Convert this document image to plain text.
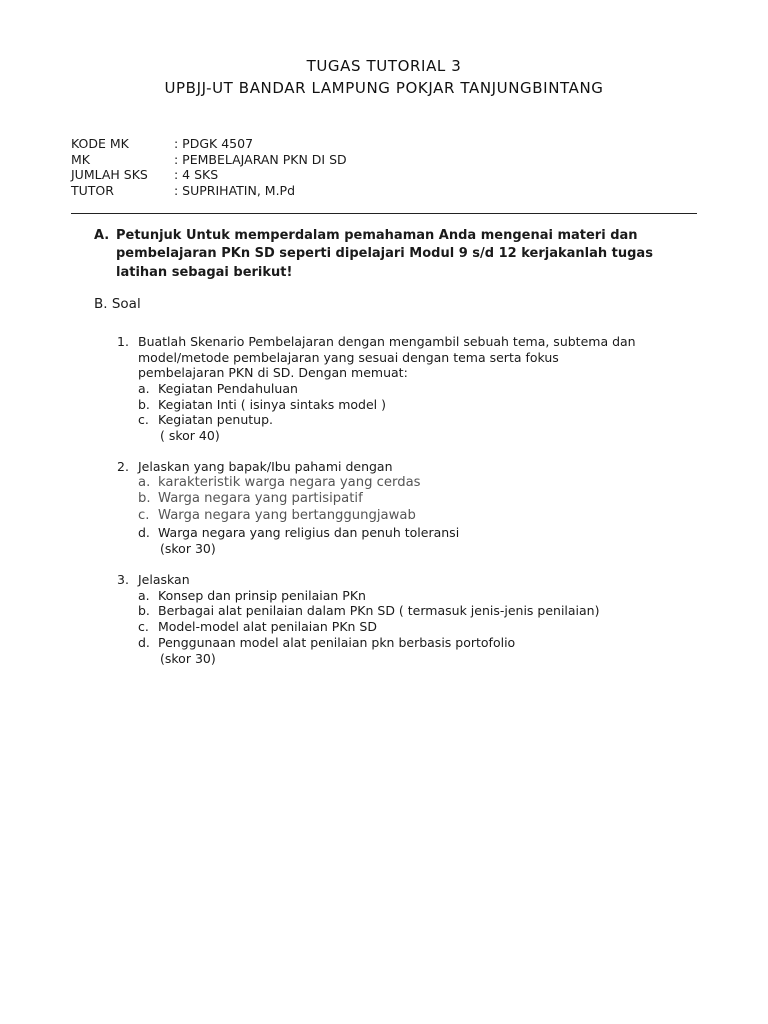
TUGAS TUTORIAL 3
UPBJJ-UT BANDAR LAMPUNG POKJAR TANJUNGBINTANG
KODE MK	: PDGK 4507
MK	: PEMBELAJARAN PKN DI SD
JUMLAH SKS	: 4 SKS
TUTOR	: SUPRIHATIN, M.Pd
A. Petunjuk Untuk memperdalam pemahaman Anda mengenai materi dan
pembelajaran PKn SD seperti dipelajari Modul 9 s/d 12 kerjakanlah tugas
latihan sebagai berikut!
B. Soal
1. Buatlah Skenario Pembelajaran dengan mengambil sebuah tema, subtema dan
model/metode pembelajaran yang sesuai dengan tema serta fokus
pembelajaran PKN di SD. Dengan memuat:
a. Kegiatan Pendahuluan
b. Kegiatan Inti ( isinya sintaks model )
c. Kegiatan penutup.
( skor 40)
2. Jelaskan yang bapak/Ibu pahami dengan
a. karakteristik warga negara yang cerdas
b. Warga negara yang partisipatif
c. Warga negara yang bertanggungjawab
d. Warga negara yang religius dan penuh toleransi
(skor 30)
3. Jelaskan
a. Konsep dan prinsip penilaian PKn
b. Berbagai alat penilaian dalam PKn SD ( termasuk jenis-jenis penilaian)
c. Model-model alat penilaian PKn SD
d. Penggunaan model alat penilaian pkn berbasis portofolio
(skor 30)
